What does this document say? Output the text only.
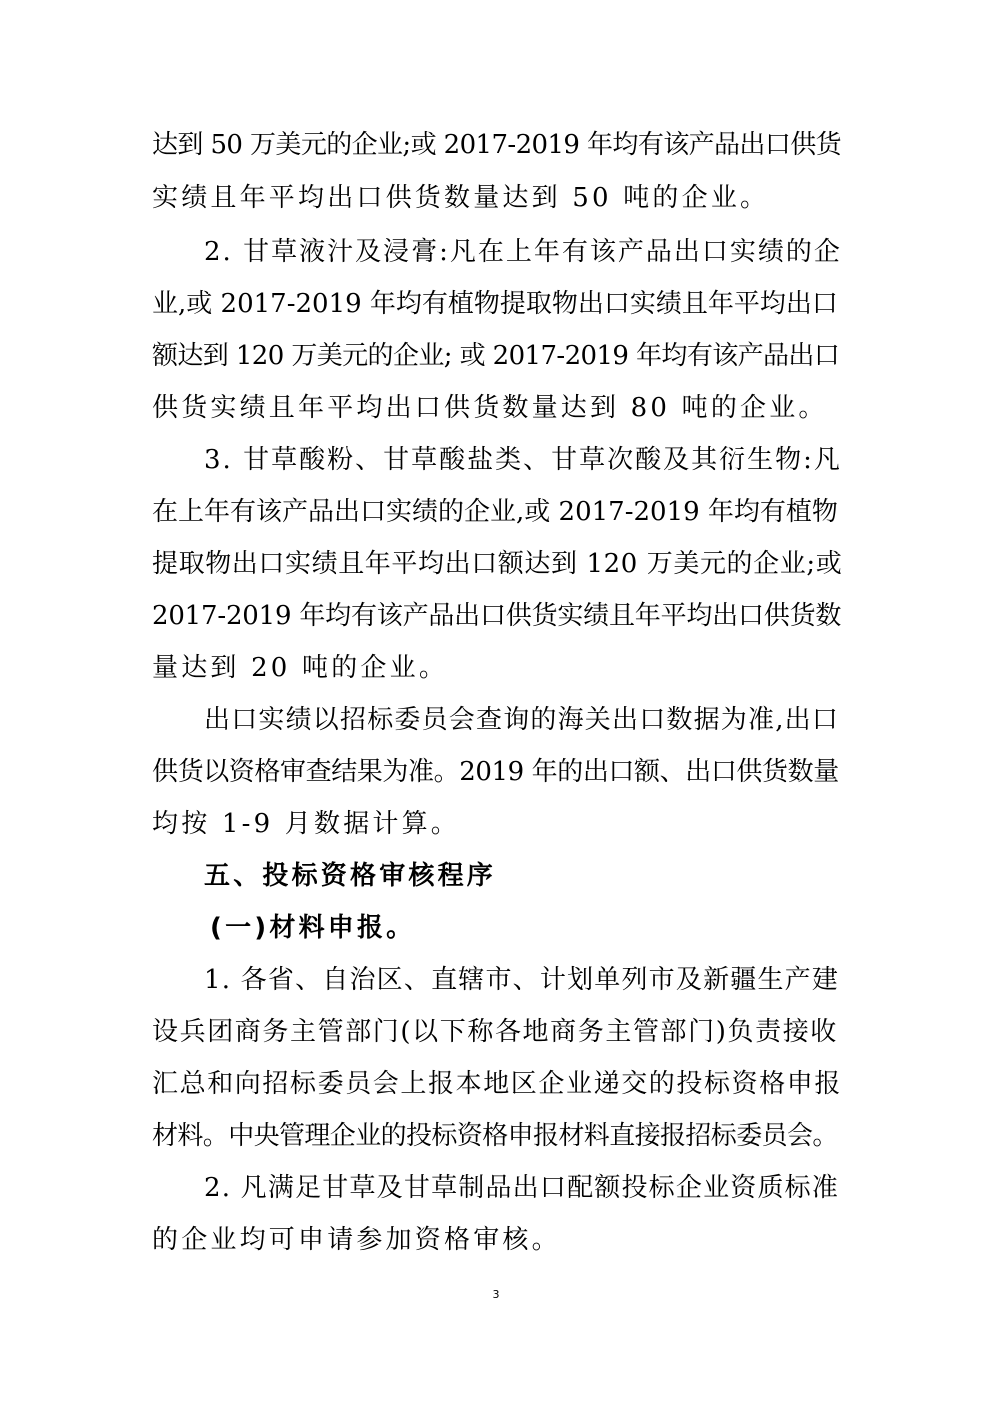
达到 50 万美元的企业;或 2017-2019 年均有该产品出口供货
实绩且年平均出口供货数量达到 50 吨的企业。
2. 甘草液汁及浸膏:凡在上年有该产品出口实绩的企
业,或 2017-2019 年均有植物提取物出口实绩且年平均出口
额达到 120 万美元的企业; 或 2017-2019 年均有该产品出口
供货实绩且年平均出口供货数量达到 80 吨的企业。
3. 甘草酸粉、甘草酸盐类、甘草次酸及其衍生物:凡
在上年有该产品出口实绩的企业,或 2017-2019 年均有植物
提取物出口实绩且年平均出口额达到 120 万美元的企业;或
2017-2019 年均有该产品出口供货实绩且年平均出口供货数
量达到 20 吨的企业。
出口实绩以招标委员会查询的海关出口数据为准,出口
供货以资格审查结果为准。2019 年的出口额、出口供货数量
均按 1-9 月数据计算。
五、投标资格审核程序
(一)材料申报。
1. 各省、自治区、直辖市、计划单列市及新疆生产建
设兵团商务主管部门(以下称各地商务主管部门)负责接收
汇总和向招标委员会上报本地区企业递交的投标资格申报
材料。中央管理企业的投标资格申报材料直接报招标委员会。
2. 凡满足甘草及甘草制品出口配额投标企业资质标准
的企业均可申请参加资格审核。
3
